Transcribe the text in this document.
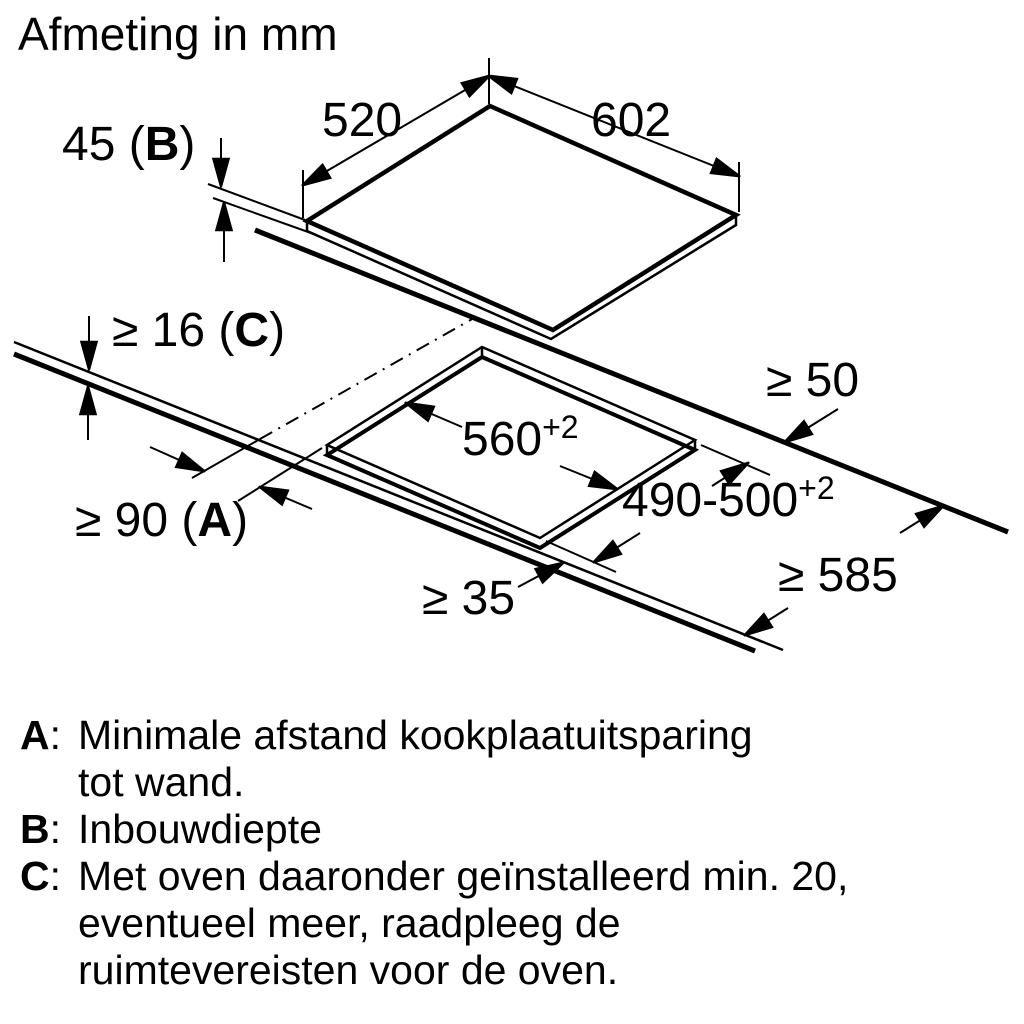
Afmeting in mm
520	602
45 (B)
≥ 16 (C)
≥ 90 (A)
$560^{+2}$
$490-500^{+2}$
≥ 35
≥ 50
≥ 585
A: Minimale afstand kookplaatuitsparing
tot wand.
B: Inbouwdiepte
C: Met oven daaronder geïnstalleerd min. 20,
eventueel meer, raadpleeg de
ruimtevereisten voor de oven.
